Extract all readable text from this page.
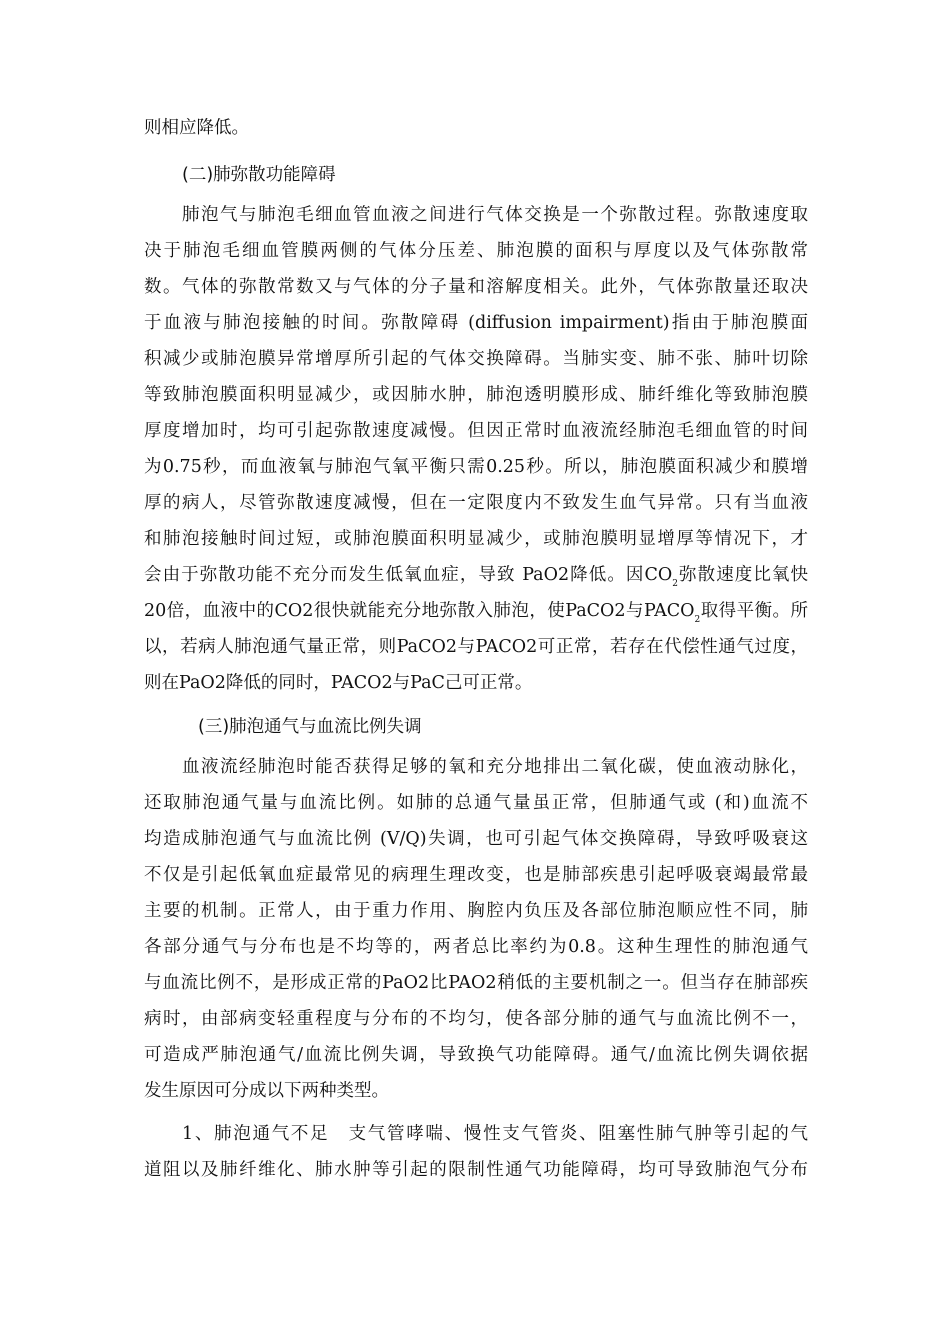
则相应降低。
(二)肺弥散功能障碍
肺泡气与肺泡毛细血管血液之间进行气体交换是一个弥散过程。弥散速度取
决于肺泡毛细血管膜两侧的气体分压差、肺泡膜的面积与厚度以及气体弥散常
数。气体的弥散常数又与气体的分子量和溶解度相关。此外，气体弥散量还取决
于血液与肺泡接触的时间。弥散障碍 (diffusion impairment)指由于肺泡膜面
积减少或肺泡膜异常增厚所引起的气体交换障碍。当肺实变、肺不张、肺叶切除
等致肺泡膜面积明显减少，或因肺水肿，肺泡透明膜形成、肺纤维化等致肺泡膜
厚度增加时，均可引起弥散速度减慢。但因正常时血液流经肺泡毛细血管的时间
为0.75秒，而血液氧与肺泡气氧平衡只需0.25秒。所以，肺泡膜面积减少和膜增
厚的病人，尽管弥散速度减慢，但在一定限度内不致发生血气异常。只有当血液
和肺泡接触时间过短，或肺泡膜面积明显减少，或肺泡膜明显增厚等情况下，才
会由于弥散功能不充分而发生低氧血症，导致 PaO2降低。因$CO_2$弥散速度比氧快
20倍，血液中的CO2很快就能充分地弥散入肺泡，使PaCO2与$PACO_2$取得平衡。所
以，若病人肺泡通气量正常，则PaCO2与PACO2可正常，若存在代偿性通气过度，
则在PaO2降低的同时，PACO2与PaC己可正常。
(三)肺泡通气与血流比例失调
血液流经肺泡时能否获得足够的氧和充分地排出二氧化碳，使血液动脉化，
还取肺泡通气量与血流比例。如肺的总通气量虽正常，但肺通气或 (和)血流不
均造成肺泡通气与血流比例 (V/Q)失调，也可引起气体交换障碍，导致呼吸衰这
不仅是引起低氧血症最常见的病理生理改变，也是肺部疾患引起呼吸衰竭最常最
主要的机制。正常人，由于重力作用、胸腔内负压及各部位肺泡顺应性不同，肺
各部分通气与分布也是不均等的，两者总比率约为0.8。这种生理性的肺泡通气
与血流比例不，是形成正常的PaO2比PAO2稍低的主要机制之一。但当存在肺部疾
病时，由部病变轻重程度与分布的不均匀，使各部分肺的通气与血流比例不一，
可造成严肺泡通气/血流比例失调，导致换气功能障碍。通气/血流比例失调依据
发生原因可分成以下两种类型。
1、肺泡通气不足　支气管哮喘、慢性支气管炎、阻塞性肺气肿等引起的气
道阻以及肺纤维化、肺水肿等引起的限制性通气功能障碍，均可导致肺泡气分布
